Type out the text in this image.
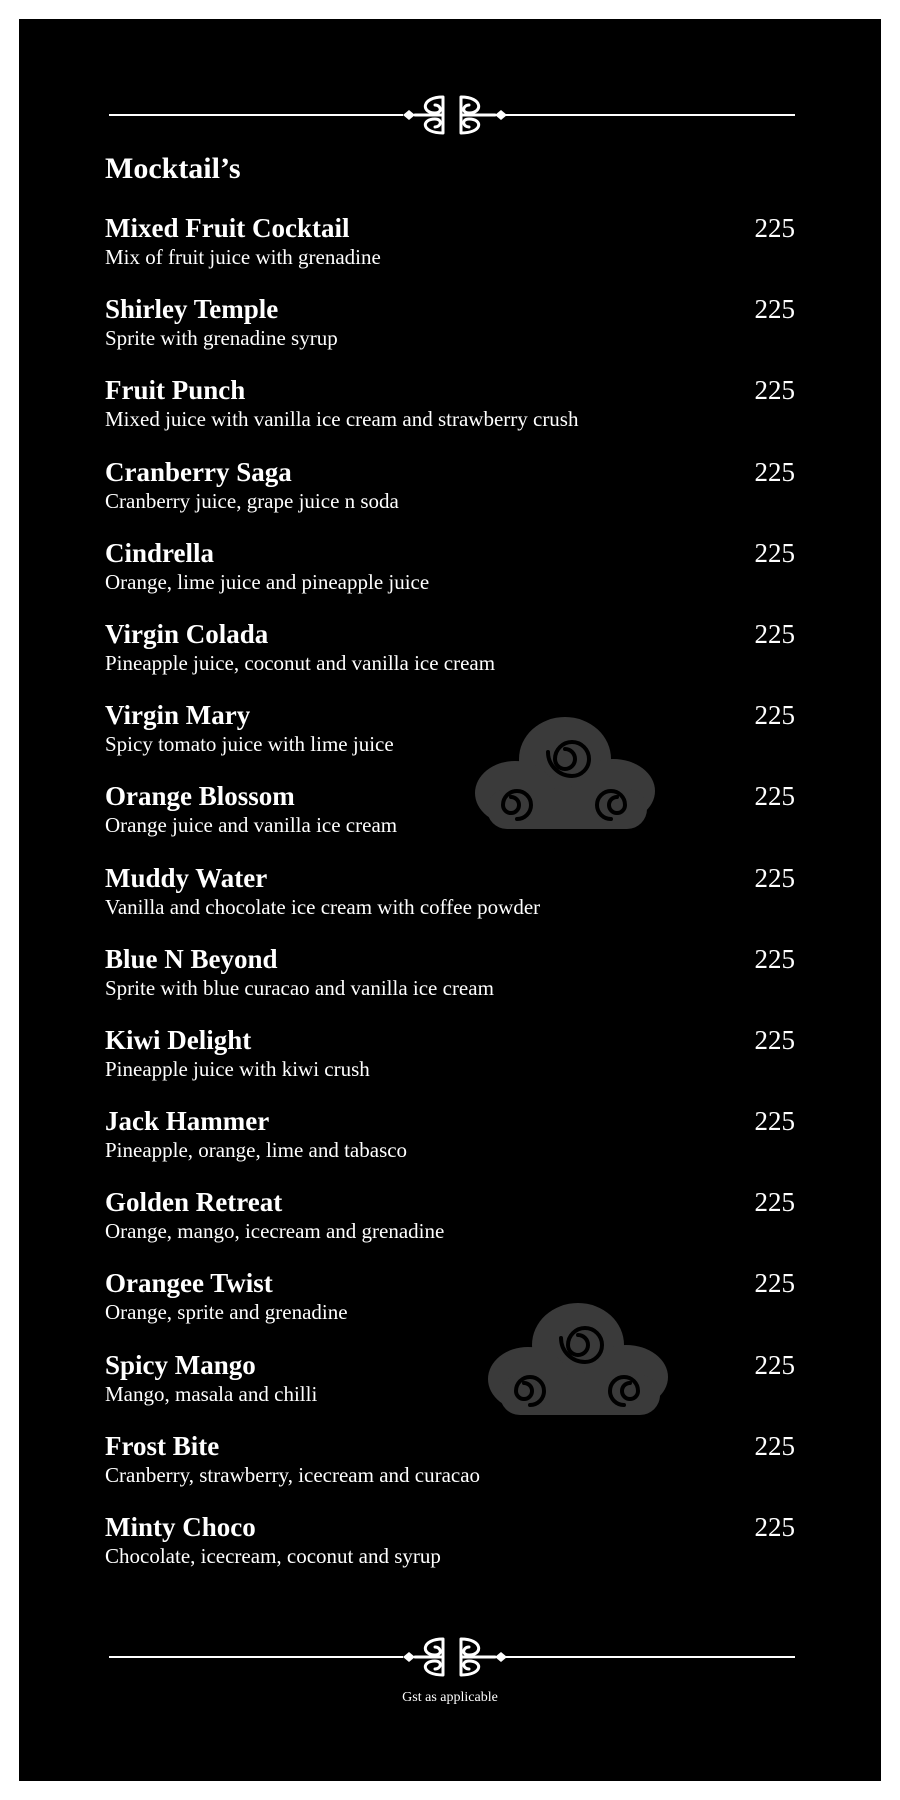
Mocktail’s
Mixed Fruit Cocktail
Mix of fruit juice with grenadine
225
Shirley Temple
Sprite with grenadine syrup
225
Fruit Punch
Mixed juice with vanilla ice cream and strawberry crush
225
Cranberry Saga
Cranberry juice, grape juice n soda
225
Cindrella
Orange, lime juice and pineapple juice
225
Virgin Colada
Pineapple juice, coconut and vanilla ice cream
225
Virgin Mary
Spicy tomato juice with lime juice
225
Orange Blossom
Orange juice and vanilla ice cream
225
Muddy Water
Vanilla and chocolate ice cream with coffee powder
225
Blue N Beyond
Sprite with blue curacao and vanilla ice cream
225
Kiwi Delight
Pineapple juice with kiwi crush
225
Jack Hammer
Pineapple, orange, lime and tabasco
225
Golden Retreat
Orange, mango, icecream and grenadine
225
Orangee Twist
Orange, sprite and grenadine
225
Spicy Mango
Mango, masala and chilli
225
Frost Bite
Cranberry, strawberry, icecream and curacao
225
Minty Choco
Chocolate, icecream, coconut and syrup
225
Gst as applicable
